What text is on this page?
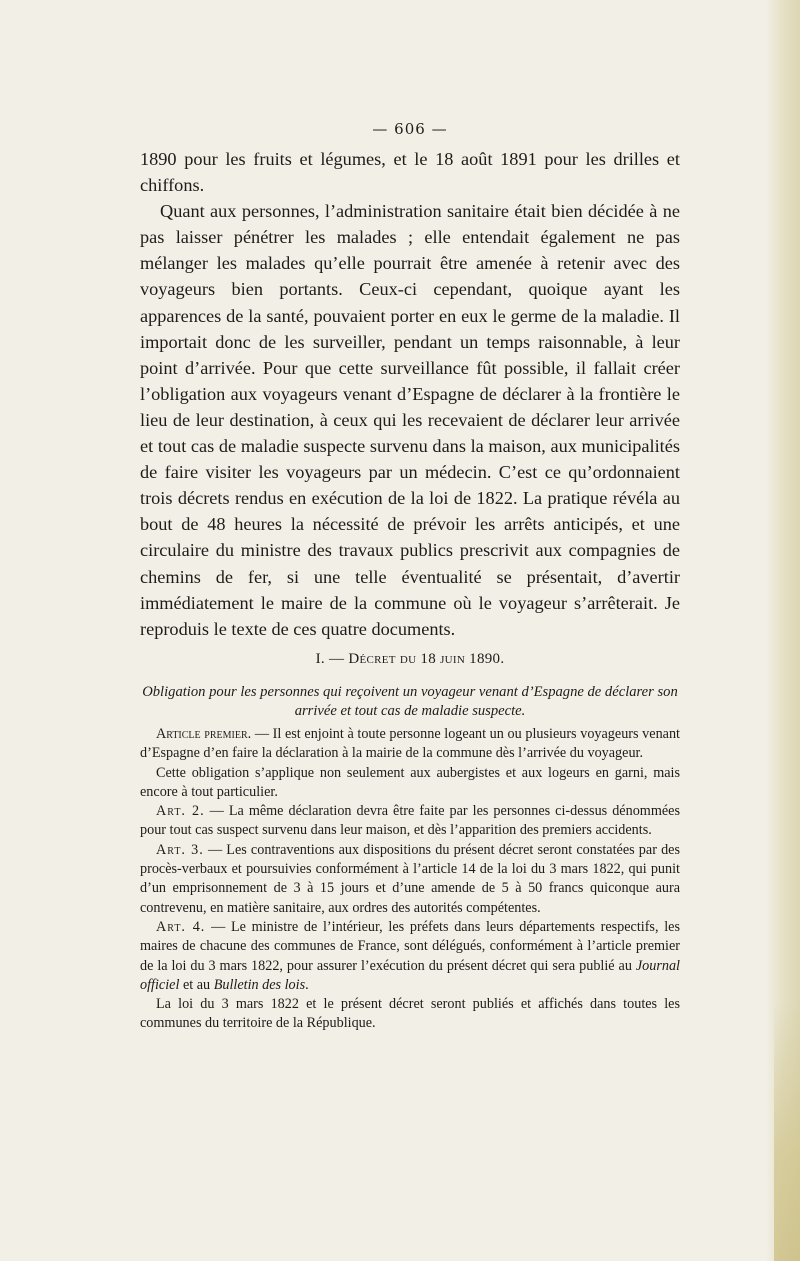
— 606 —

1890 pour les fruits et légumes, et le 18 août 1891 pour les drilles et chiffons.

Quant aux personnes, l’administration sanitaire était bien décidée à ne pas laisser pénétrer les malades ; elle entendait également ne pas mélanger les malades qu’elle pourrait être amenée à retenir avec des voyageurs bien portants. Ceux-ci cependant, quoique ayant les apparences de la santé, pouvaient porter en eux le germe de la maladie. Il importait donc de les surveiller, pendant un temps raisonnable, à leur point d’arrivée. Pour que cette surveillance fût possible, il fallait créer l’obligation aux voyageurs venant d’Espagne de déclarer à la frontière le lieu de leur destination, à ceux qui les recevaient de déclarer leur arrivée et tout cas de maladie suspecte survenu dans la maison, aux municipalités de faire visiter les voyageurs par un médecin. C’est ce qu’ordonnaient trois décrets rendus en exécution de la loi de 1822. La pratique révéla au bout de 48 heures la nécessité de prévoir les arrêts anticipés, et une circulaire du ministre des travaux publics prescrivit aux compagnies de chemins de fer, si une telle éventualité se présentait, d’avertir immédiatement le maire de la commune où le voyageur s’arrêterait. Je reproduis le texte de ces quatre documents.

I. — Décret du 18 juin 1890.
Obligation pour les personnes qui reçoivent un voyageur venant d’Espagne de déclarer son arrivée et tout cas de maladie suspecte.

Article premier. — Il est enjoint à toute personne logeant un ou plusieurs voyageurs venant d’Espagne d’en faire la déclaration à la mairie de la commune dès l’arrivée du voyageur.

Cette obligation s’applique non seulement aux aubergistes et aux logeurs en garni, mais encore à tout particulier.

Art. 2. — La même déclaration devra être faite par les personnes ci-dessus dénommées pour tout cas suspect survenu dans leur maison, et dès l’apparition des premiers accidents.

Art. 3. — Les contraventions aux dispositions du présent décret seront constatées par des procès-verbaux et poursuivies conformément à l’article 14 de la loi du 3 mars 1822, qui punit d’un emprisonnement de 3 à 15 jours et d’une amende de 5 à 50 francs quiconque aura contrevenu, en matière sanitaire, aux ordres des autorités compétentes.

Art. 4. — Le ministre de l’intérieur, les préfets dans leurs départements respectifs, les maires de chacune des communes de France, sont délégués, conformément à l’article premier de la loi du 3 mars 1822, pour assurer l’exécution du présent décret qui sera publié au Journal officiel et au Bulletin des lois.

La loi du 3 mars 1822 et le présent décret seront publiés et affichés dans toutes les communes du territoire de la République.
